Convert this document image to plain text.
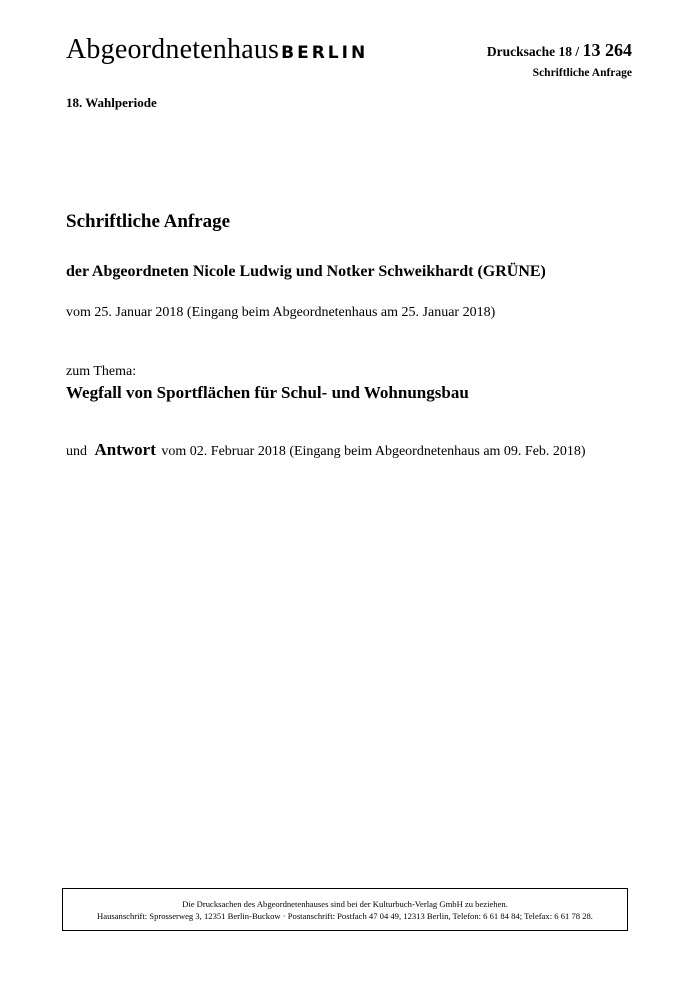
Abgeordnetenhaus BERLIN	Drucksache 18 / 13 264
Schriftliche Anfrage
18. Wahlperiode
Schriftliche Anfrage
der Abgeordneten Nicole Ludwig und Notker Schweikhardt (GRÜNE)
vom 25. Januar 2018 (Eingang beim Abgeordnetenhaus am 25. Januar 2018)
zum Thema:
Wegfall von Sportflächen für Schul- und Wohnungsbau
und Antwort vom 02. Februar 2018 (Eingang beim Abgeordnetenhaus am 09. Feb. 2018)
Die Drucksachen des Abgeordnetenhauses sind bei der Kulturbuch-Verlag GmbH zu beziehen.
Hausanschrift: Sprosserweg 3, 12351 Berlin-Buckow · Postanschrift: Postfach 47 04 49, 12313 Berlin, Telefon: 6 61 84 84; Telefax: 6 61 78 28.
